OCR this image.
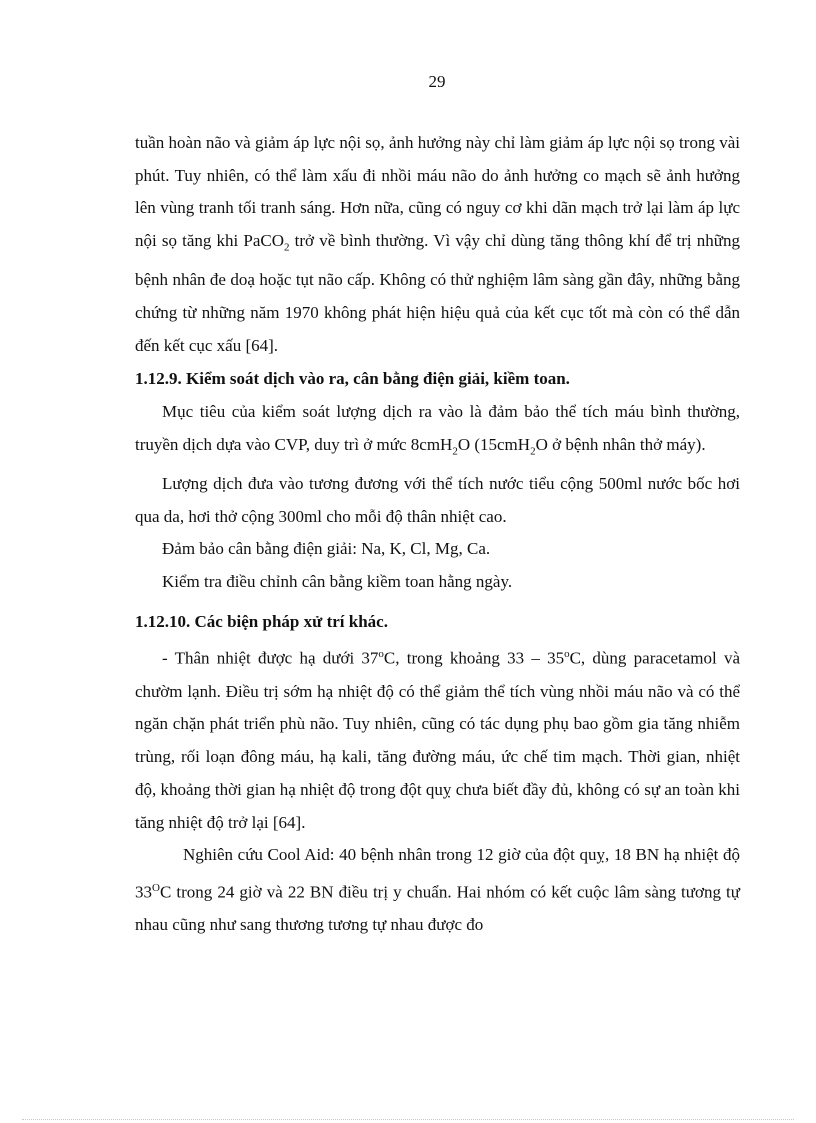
29

tuần hoàn não và giảm áp lực nội sọ, ảnh hưởng này chỉ làm giảm áp lực nội sọ trong vài phút. Tuy nhiên, có thể làm xấu đi nhồi máu não do ảnh hưởng co mạch sẽ ảnh hưởng lên vùng tranh tối tranh sáng. Hơn nữa, cũng có nguy cơ khi dãn mạch trở lại làm áp lực nội sọ tăng khi PaCO$_2$ trở về bình thường. Vì vậy chỉ dùng tăng thông khí để trị những bệnh nhân đe doạ hoặc tụt não cấp. Không có thử nghiệm lâm sàng gần đây, những bằng chứng từ những năm 1970 không phát hiện hiệu quả của kết cục tốt mà còn có thể dẫn đến kết cục xấu [64].

1.12.9. Kiểm soát dịch vào ra, cân bằng điện giải, kiềm toan.

Mục tiêu của kiểm soát lượng dịch ra vào là đảm bảo thể tích máu bình thường, truyền dịch dựa vào CVP, duy trì ở mức 8cmH$_2$O (15cmH$_2$O ở bệnh nhân thở máy).

Lượng dịch đưa vào tương đương với thể tích nước tiểu cộng 500ml nước bốc hơi qua da, hơi thở cộng 300ml cho mỗi độ thân nhiệt cao.

Đảm bảo cân bằng điện giải: Na, K, Cl, Mg, Ca.

Kiểm tra điều chỉnh cân bằng kiềm toan hằng ngày.

1.12.10. Các biện pháp xử trí khác.

- Thân nhiệt được hạ dưới 37$^o$C, trong khoảng 33 – 35$^o$C, dùng paracetamol và chườm lạnh. Điều trị sớm hạ nhiệt độ có thể giảm thể tích vùng nhồi máu não và có thể ngăn chặn phát triển phù não. Tuy nhiên, cũng có tác dụng phụ bao gồm gia tăng nhiễm trùng, rối loạn đông máu, hạ kali, tăng đường máu, ức chế tim mạch. Thời gian, nhiệt độ, khoảng thời gian hạ nhiệt độ trong đột quỵ chưa biết đầy đủ, không có sự an toàn khi tăng nhiệt độ trở lại [64].

Nghiên cứu Cool Aid: 40 bệnh nhân trong 12 giờ của đột quỵ, 18 BN hạ nhiệt độ $33^OC$ trong 24 giờ và 22 BN điều trị y chuẩn. Hai nhóm có kết cuộc lâm sàng tương tự nhau cũng như sang thương tương tự nhau được đo
